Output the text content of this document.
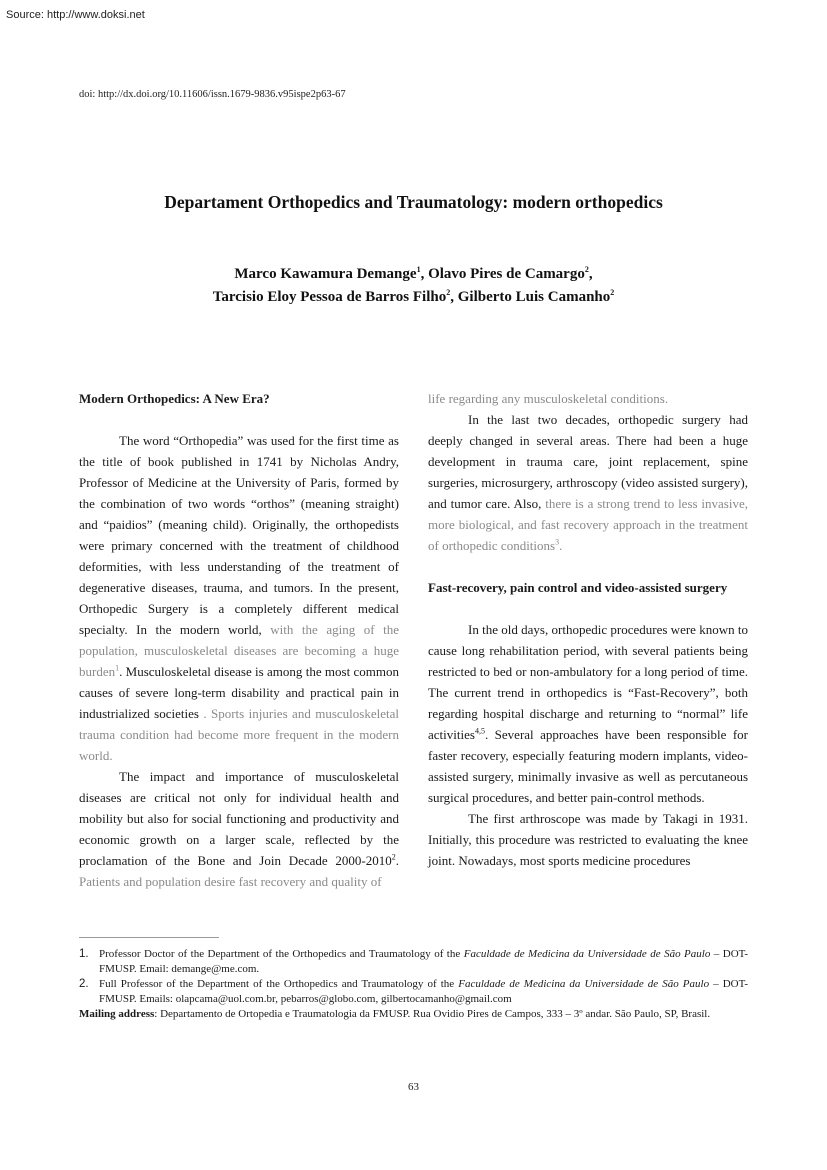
Source: http://www.doksi.net
doi: http://dx.doi.org/10.11606/issn.1679-9836.v95ispe2p63-67
Departament Orthopedics and Traumatology: modern orthopedics
Marco Kawamura Demange$^1$, Olavo Pires de Camargo$^2$,
Tarcisio Eloy Pessoa de Barros Filho$^2$, Gilberto Luis Camanho$^2$
Modern Orthopedics: A New Era?

The word “Orthopedia” was used for the first time as the title of book published in 1741 by Nicholas Andry, Professor of Medicine at the University of Paris, formed by the combination of two words “orthos” (meaning straight) and “paidios” (meaning child). Originally, the orthopedists were primary concerned with the treatment of childhood deformities, with less understanding of the treatment of degenerative diseases, trauma, and tumors. In the present, Orthopedic Surgery is a completely different medical specialty. In the modern world, with the aging of the population, musculoskeletal diseases are becoming a huge burden$^1$. Musculoskeletal disease is among the most common causes of severe long-term disability and practical pain in industrialized societies . Sports injuries and musculoskeletal trauma condition had become more frequent in the modern world.

The impact and importance of musculoskeletal diseases are critical not only for individual health and mobility but also for social functioning and productivity and economic growth on a larger scale, reflected by the proclamation of the Bone and Join Decade 2000-2010$^2$. Patients and population desire fast recovery and quality of

life regarding any musculoskeletal conditions.

In the last two decades, orthopedic surgery had deeply changed in several areas. There had been a huge development in trauma care, joint replacement, spine surgeries, microsurgery, arthroscopy (video assisted surgery), and tumor care. Also, there is a strong trend to less invasive, more biological, and fast recovery approach in the treatment of orthopedic conditions$^3$.

Fast-recovery, pain control and video-assisted surgery

In the old days, orthopedic procedures were known to cause long rehabilitation period, with several patients being restricted to bed or non-ambulatory for a long period of time. The current trend in orthopedics is “Fast-Recovery”, both regarding hospital discharge and returning to “normal” life activities$^{4,5}$. Several approaches have been responsible for faster recovery, especially featuring modern implants, video-assisted surgery, minimally invasive as well as percutaneous surgical procedures, and better pain-control methods.

The first arthroscope was made by Takagi in 1931. Initially, this procedure was restricted to evaluating the knee joint. Nowadays, most sports medicine procedures

1. Professor Doctor of the Department of the Orthopedics and Traumatology of the Faculdade de Medicina da Universidade de São Paulo – DOT-FMUSP. Email: demange@me.com.
2. Full Professor of the Department of the Orthopedics and Traumatology of the Faculdade de Medicina da Universidade de São Paulo – DOT-FMUSP. Emails: olapcama@uol.com.br, pebarros@globo.com, gilbertocamanho@gmail.com

Mailing address: Departamento de Ortopedia e Traumatologia da FMUSP. Rua Ovidio Pires de Campos, 333 – 3º andar. São Paulo, SP, Brasil.

63
